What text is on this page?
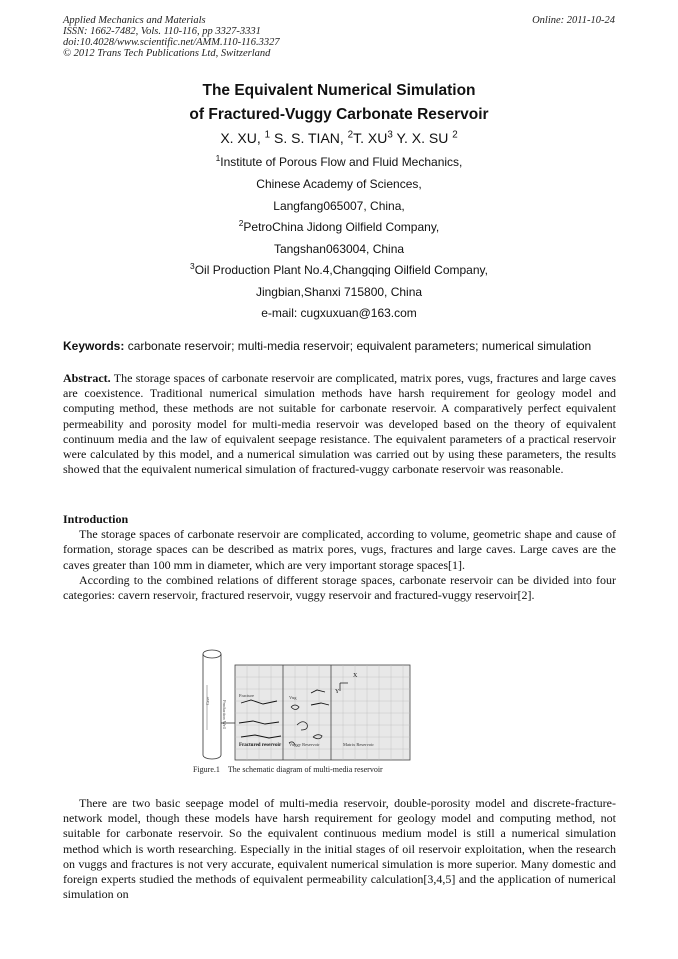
Applied Mechanics and Materials
ISSN: 1662-7482, Vols. 110-116, pp 3327-3331
doi:10.4028/www.scientific.net/AMM.110-116.3327
© 2012 Trans Tech Publications Ltd, Switzerland
Online: 2011-10-24
The Equivalent Numerical Simulation
of Fractured-Vuggy Carbonate Reservoir
X. XU, $^1$ S. S. TIAN, $^2$T. $XU^3$ Y. X. SU $^2$
$^1$Institute of Porous Flow and Fluid Mechanics,
Chinese Academy of Sciences,
Langfang065007, China,
$^2$PetroChina Jidong Oilfield Company,
Tangshan063004, China
$^3$Oil Production Plant No.4,Changqing Oilfield Company,
Jingbian,Shanxi 715800, China
e-mail: cugxuxuan@163.com
Keywords: carbonate reservoir; multi-media reservoir; equivalent parameters; numerical simulation

Abstract. The storage spaces of carbonate reservoir are complicated, matrix pores, vugs, fractures and large caves are coexistence. Traditional numerical simulation methods have harsh requirement for geology model and computing method, these methods are not suitable for carbonate reservoir. A comparatively perfect equivalent permeability and porosity model for multi-media reservoir was developed based on the theory of equivalent continuum media and the law of equivalent seepage resistance. The equivalent parameters of a practical reservoir were calculated by this model, and a numerical simulation was carried out by using these parameters, the results showed that the equivalent numerical simulation of fractured-vuggy carbonate reservoir was reasonable.

Introduction

The storage spaces of carbonate reservoir are complicated, according to volume, geometric shape and cause of formation, storage spaces can be described as matrix pores, vugs, fractures and large caves. Large caves are the caves greater than 100 mm in diameter, which are very important storage spaces[1].

According to the combined relations of different storage spaces, carbonate reservoir can be divided into four categories: cavern reservoir, fractured reservoir, vuggy reservoir and fractured-vuggy reservoir[2].

Production Well
Cave
X
Y
Fracture	Vug
Fractured reservoir Vuggy Reservoir	Matrix Reservoir
Figure.1 The schematic diagram of multi-media reservoir

There are two basic seepage model of multi-media reservoir, double-porosity model and discrete-fracture-network model, though these models have harsh requirement for geology model and computing method, not suitable for carbonate reservoir. So the equivalent continuous medium model is still a numerical simulation method which is worth researching. Especially in the initial stages of oil reservoir exploitation, when the research on vuggs and fractures is not very accurate, equivalent numerical simulation is more superior. Many domestic and foreign experts studied the methods of equivalent permeability calculation[3,4,5] and the application of numerical simulation on
